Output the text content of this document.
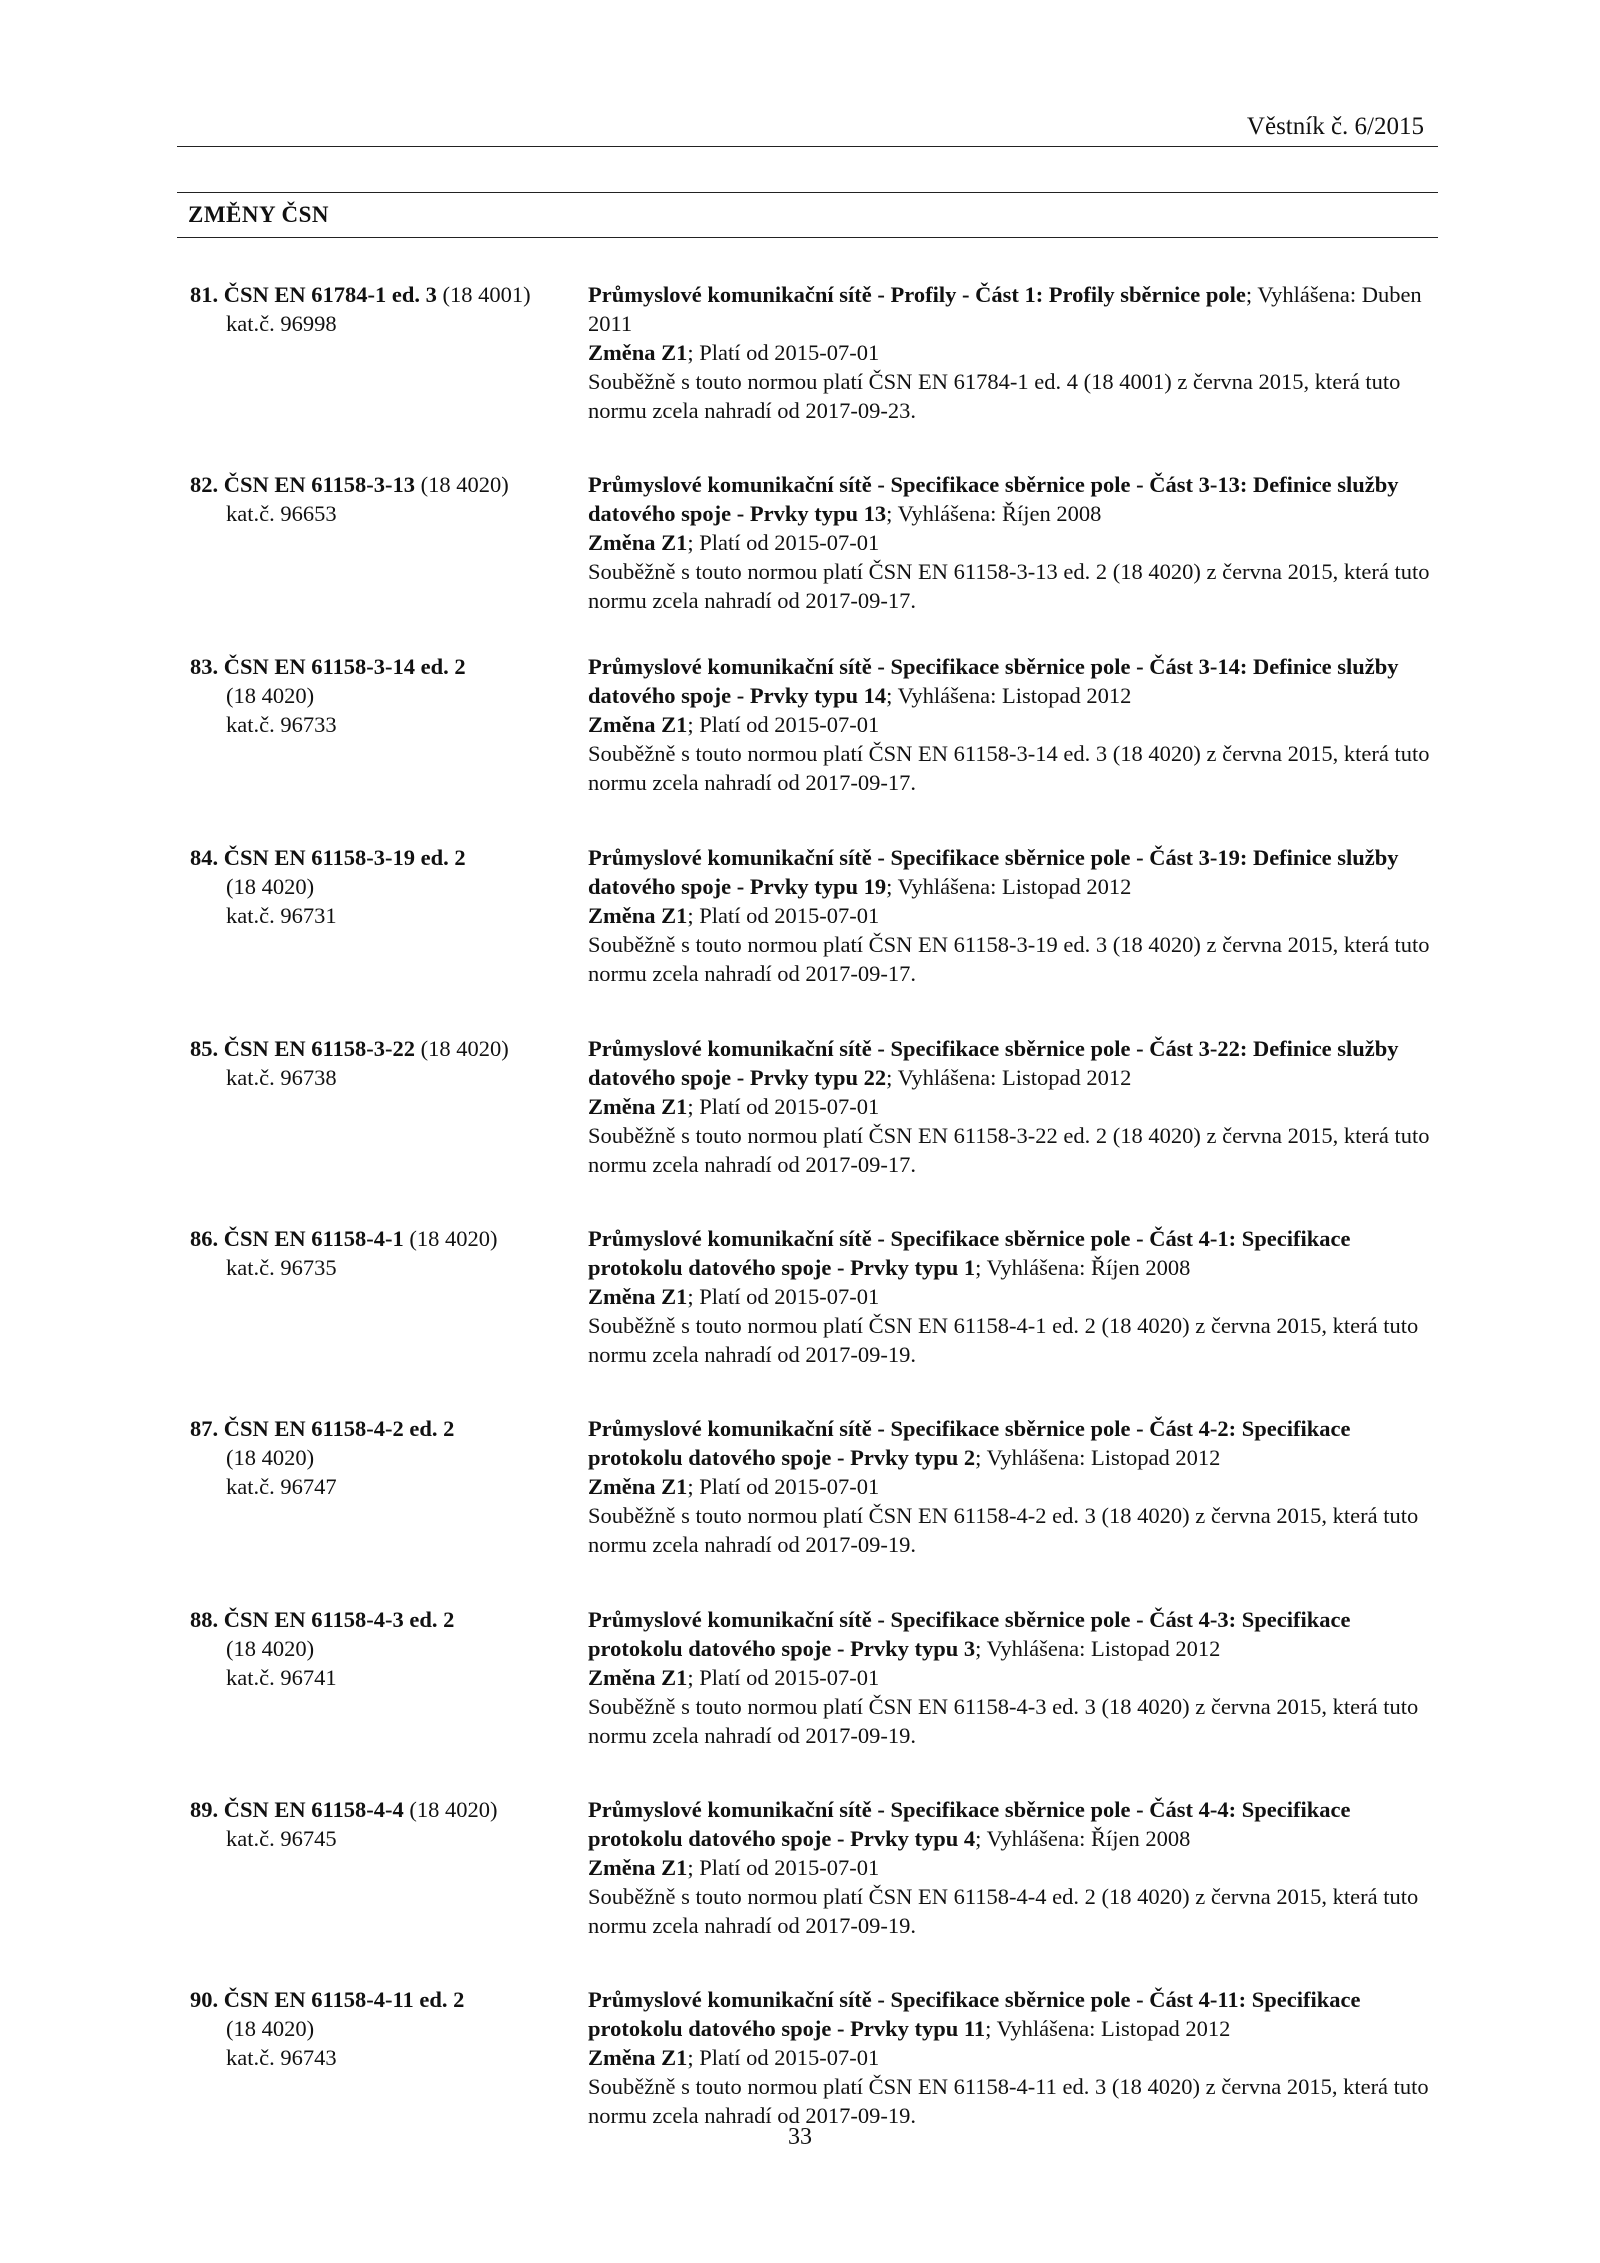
Věstník č. 6/2015
ZMĚNY ČSN
81. ČSN EN 61784-1 ed. 3 (18 4001)
kat.č. 96998
Průmyslové komunikační sítě - Profily - Část 1: Profily sběrnice pole; Vyhlášena: Duben 2011
Změna Z1; Platí od 2015-07-01
Souběžně s touto normou platí ČSN EN 61784-1 ed. 4 (18 4001) z června 2015, která tuto normu zcela nahradí od 2017-09-23.
82. ČSN EN 61158-3-13 (18 4020)
kat.č. 96653
Průmyslové komunikační sítě - Specifikace sběrnice pole - Část 3-13: Definice služby datového spoje - Prvky typu 13; Vyhlášena: Říjen 2008
Změna Z1; Platí od 2015-07-01
Souběžně s touto normou platí ČSN EN 61158-3-13 ed. 2 (18 4020) z června 2015, která tuto normu zcela nahradí od 2017-09-17.
83. ČSN EN 61158-3-14 ed. 2
(18 4020)
kat.č. 96733
Průmyslové komunikační sítě - Specifikace sběrnice pole - Část 3-14: Definice služby datového spoje - Prvky typu 14; Vyhlášena: Listopad 2012
Změna Z1; Platí od 2015-07-01
Souběžně s touto normou platí ČSN EN 61158-3-14 ed. 3 (18 4020) z června 2015, která tuto normu zcela nahradí od 2017-09-17.
84. ČSN EN 61158-3-19 ed. 2
(18 4020)
kat.č. 96731
Průmyslové komunikační sítě - Specifikace sběrnice pole - Část 3-19: Definice služby datového spoje - Prvky typu 19; Vyhlášena: Listopad 2012
Změna Z1; Platí od 2015-07-01
Souběžně s touto normou platí ČSN EN 61158-3-19 ed. 3 (18 4020) z června 2015, která tuto normu zcela nahradí od 2017-09-17.
85. ČSN EN 61158-3-22 (18 4020)
kat.č. 96738
Průmyslové komunikační sítě - Specifikace sběrnice pole - Část 3-22: Definice služby datového spoje - Prvky typu 22; Vyhlášena: Listopad 2012
Změna Z1; Platí od 2015-07-01
Souběžně s touto normou platí ČSN EN 61158-3-22 ed. 2 (18 4020) z června 2015, která tuto normu zcela nahradí od 2017-09-17.
86. ČSN EN 61158-4-1 (18 4020)
kat.č. 96735
Průmyslové komunikační sítě - Specifikace sběrnice pole - Část 4-1: Specifikace protokolu datového spoje - Prvky typu 1; Vyhlášena: Říjen 2008
Změna Z1; Platí od 2015-07-01
Souběžně s touto normou platí ČSN EN 61158-4-1 ed. 2 (18 4020) z června 2015, která tuto normu zcela nahradí od 2017-09-19.
87. ČSN EN 61158-4-2 ed. 2
(18 4020)
kat.č. 96747
Průmyslové komunikační sítě - Specifikace sběrnice pole - Část 4-2: Specifikace protokolu datového spoje - Prvky typu 2; Vyhlášena: Listopad 2012
Změna Z1; Platí od 2015-07-01
Souběžně s touto normou platí ČSN EN 61158-4-2 ed. 3 (18 4020) z června 2015, která tuto normu zcela nahradí od 2017-09-19.
88. ČSN EN 61158-4-3 ed. 2
(18 4020)
kat.č. 96741
Průmyslové komunikační sítě - Specifikace sběrnice pole - Část 4-3: Specifikace protokolu datového spoje - Prvky typu 3; Vyhlášena: Listopad 2012
Změna Z1; Platí od 2015-07-01
Souběžně s touto normou platí ČSN EN 61158-4-3 ed. 3 (18 4020) z června 2015, která tuto normu zcela nahradí od 2017-09-19.
89. ČSN EN 61158-4-4 (18 4020)
kat.č. 96745
Průmyslové komunikační sítě - Specifikace sběrnice pole - Část 4-4: Specifikace protokolu datového spoje - Prvky typu 4; Vyhlášena: Říjen 2008
Změna Z1; Platí od 2015-07-01
Souběžně s touto normou platí ČSN EN 61158-4-4 ed. 2 (18 4020) z června 2015, která tuto normu zcela nahradí od 2017-09-19.
90. ČSN EN 61158-4-11 ed. 2
(18 4020)
kat.č. 96743
Průmyslové komunikační sítě - Specifikace sběrnice pole - Část 4-11: Specifikace protokolu datového spoje - Prvky typu 11; Vyhlášena: Listopad 2012
Změna Z1; Platí od 2015-07-01
Souběžně s touto normou platí ČSN EN 61158-4-11 ed. 3 (18 4020) z června 2015, která tuto normu zcela nahradí od 2017-09-19.
33
